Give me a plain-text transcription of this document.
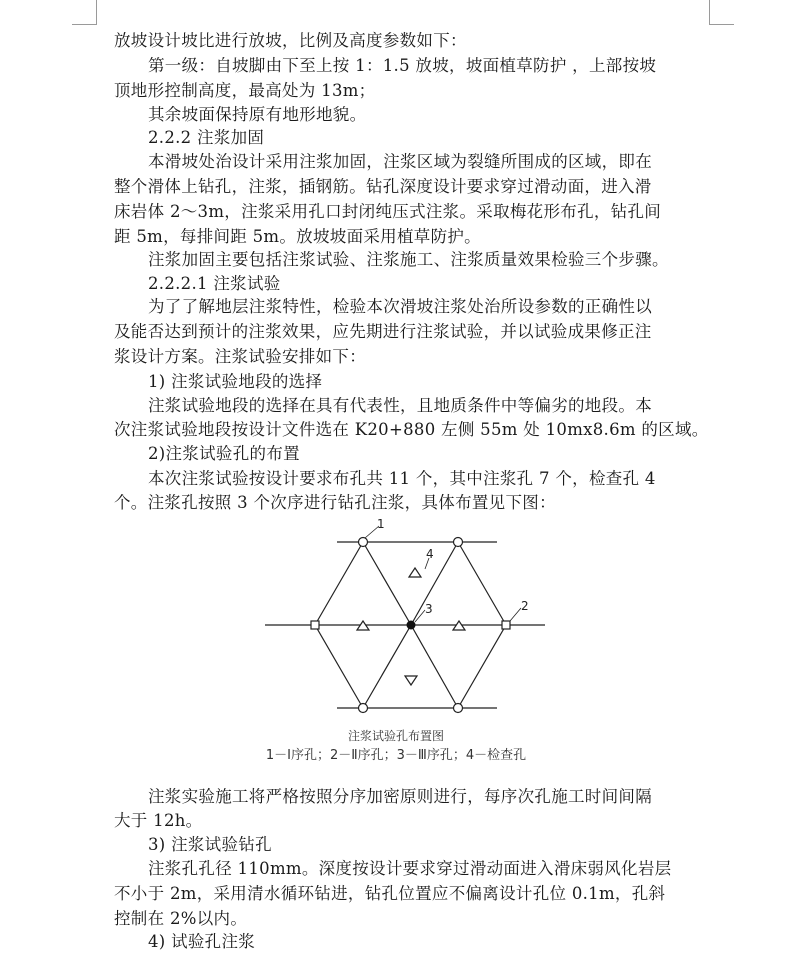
放坡设计坡比进行放坡，比例及高度参数如下：
第一级：自坡脚由下至上按 1：1.5 放坡，坡面植草防护 ，上部按坡
顶地形控制高度，最高处为 13m；
其余坡面保持原有地形地貌。
2.2.2 注浆加固
本滑坡处治设计采用注浆加固，注浆区域为裂缝所围成的区域，即在
整个滑体上钻孔，注浆，插钢筋。钻孔深度设计要求穿过滑动面，进入滑
床岩体 2～3m，注浆采用孔口封闭纯压式注浆。采取梅花形布孔，钻孔间
距 5m，每排间距 5m。放坡坡面采用植草防护。
注浆加固主要包括注浆试验、注浆施工、注浆质量效果检验三个步骤。
2.2.2.1 注浆试验
为了了解地层注浆特性，检验本次滑坡注浆处治所设参数的正确性以
及能否达到预计的注浆效果，应先期进行注浆试验，并以试验成果修正注
浆设计方案。注浆试验安排如下：
1) 注浆试验地段的选择
注浆试验地段的选择在具有代表性，且地质条件中等偏劣的地段。本
次注浆试验地段按设计文件选在 K20+880 左侧 55m 处 10mx8.6m 的区域。
2)注浆试验孔的布置
本次注浆试验按设计要求布孔共 11 个，其中注浆孔 7 个，检查孔 4
个。注浆孔按照 3 个次序进行钻孔注浆，具体布置见下图：
1
2
3
4
注浆试验孔布置图
1－Ⅰ序孔；2－Ⅱ序孔；3－Ⅲ序孔；4－检查孔
注浆实验施工将严格按照分序加密原则进行，每序次孔施工时间间隔
大于 12h。
3) 注浆试验钻孔
注浆孔孔径 110mm。深度按设计要求穿过滑动面进入滑床弱风化岩层
不小于 2m，采用清水循环钻进，钻孔位置应不偏离设计孔位 0.1m，孔斜
控制在 2%以内。
4) 试验孔注浆
